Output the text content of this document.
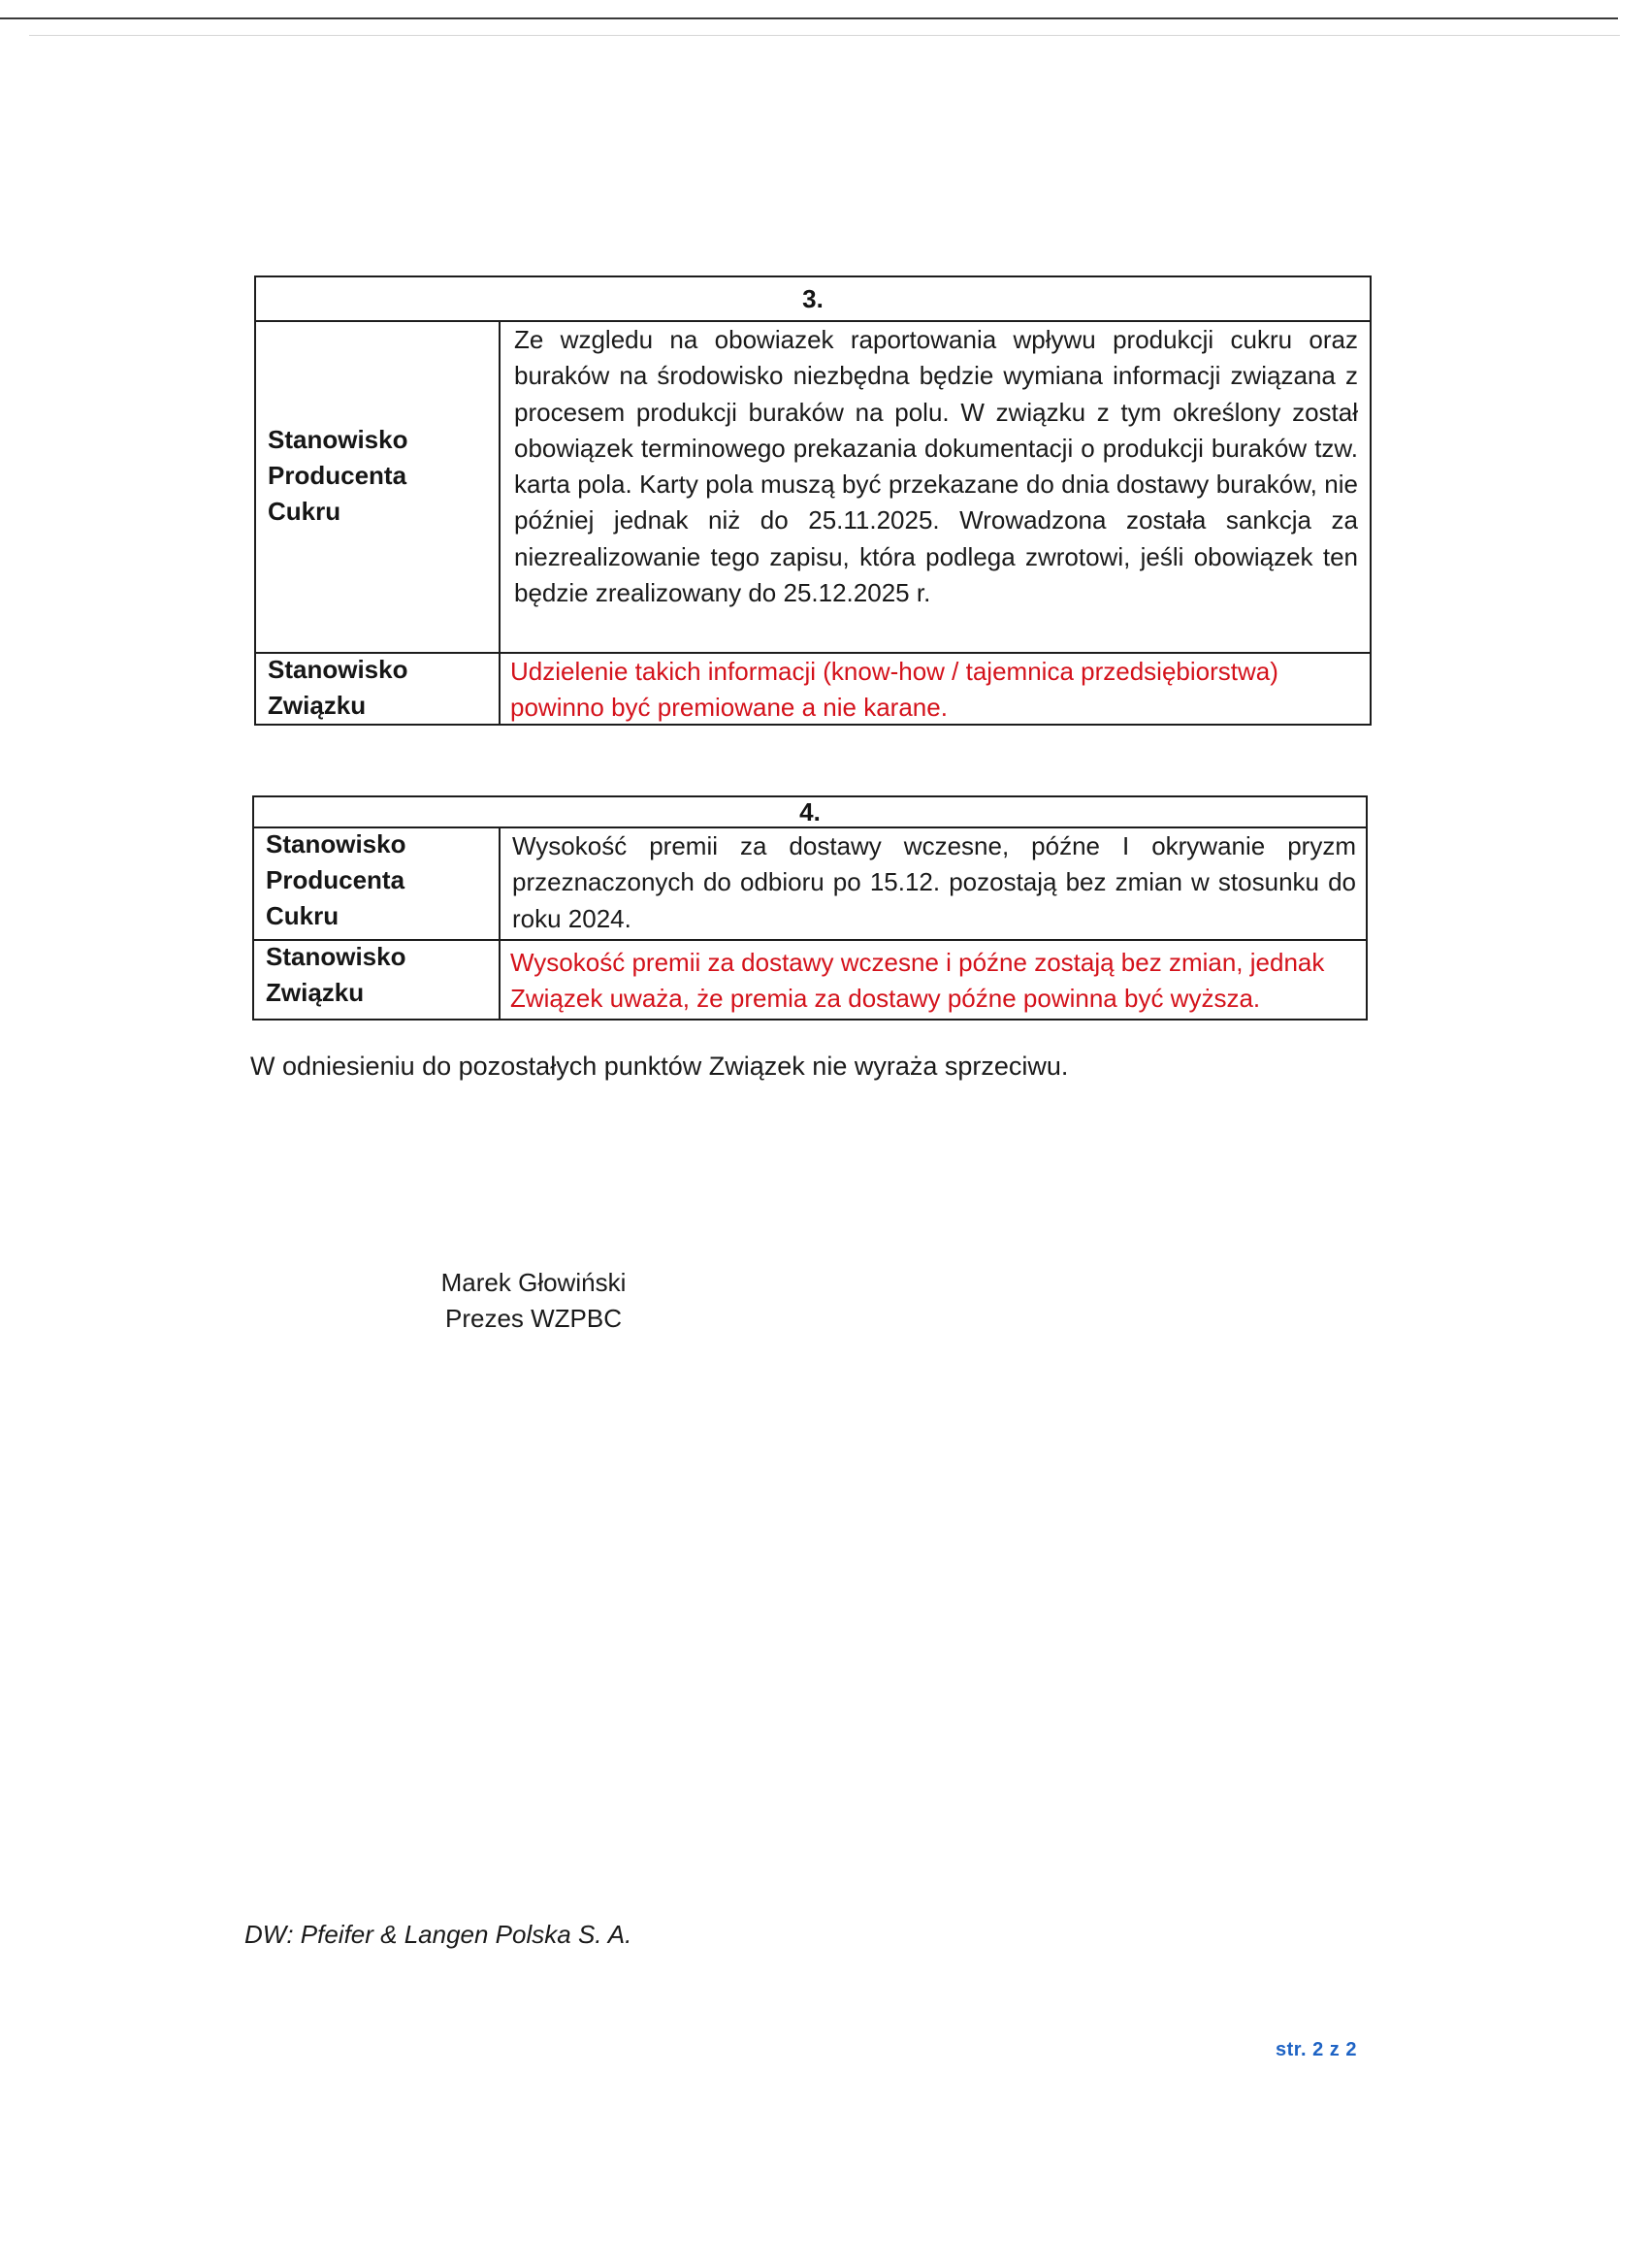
3.
Stanowisko
Producenta
Cukru
Ze wzgledu na obowiazek raportowania wpływu produkcji cukru oraz buraków na środowisko niezbędna będzie wymiana informacji związana z procesem produkcji buraków na polu. W związku z tym określony został obowiązek terminowego prekazania dokumentacji o produkcji buraków tzw. karta pola. Karty pola muszą być przekazane do dnia dostawy buraków, nie później jednak niż do 25.11.2025. Wrowadzona została sankcja za niezrealizowanie tego zapisu, która podlega zwrotowi, jeśli obowiązek ten będzie zrealizowany do 25.12.2025 r.
Stanowisko
Związku
Udzielenie takich informacji (know-how / tajemnica przedsiębiorstwa) powinno być premiowane a nie karane.
4.
Stanowisko
Producenta
Cukru
Wysokość premii za dostawy wczesne, późne I okrywanie pryzm przeznaczonych do odbioru po 15.12. pozostają bez zmian w stosunku do roku 2024.
Stanowisko
Związku
Wysokość premii za dostawy wczesne i późne zostają bez zmian, jednak Związek uważa, że premia za dostawy późne powinna być wyższa.
W odniesieniu do pozostałych punktów Związek nie wyraża sprzeciwu.
Marek Głowiński
Prezes WZPBC
DW: Pfeifer & Langen Polska S. A.
str. 2 z 2
